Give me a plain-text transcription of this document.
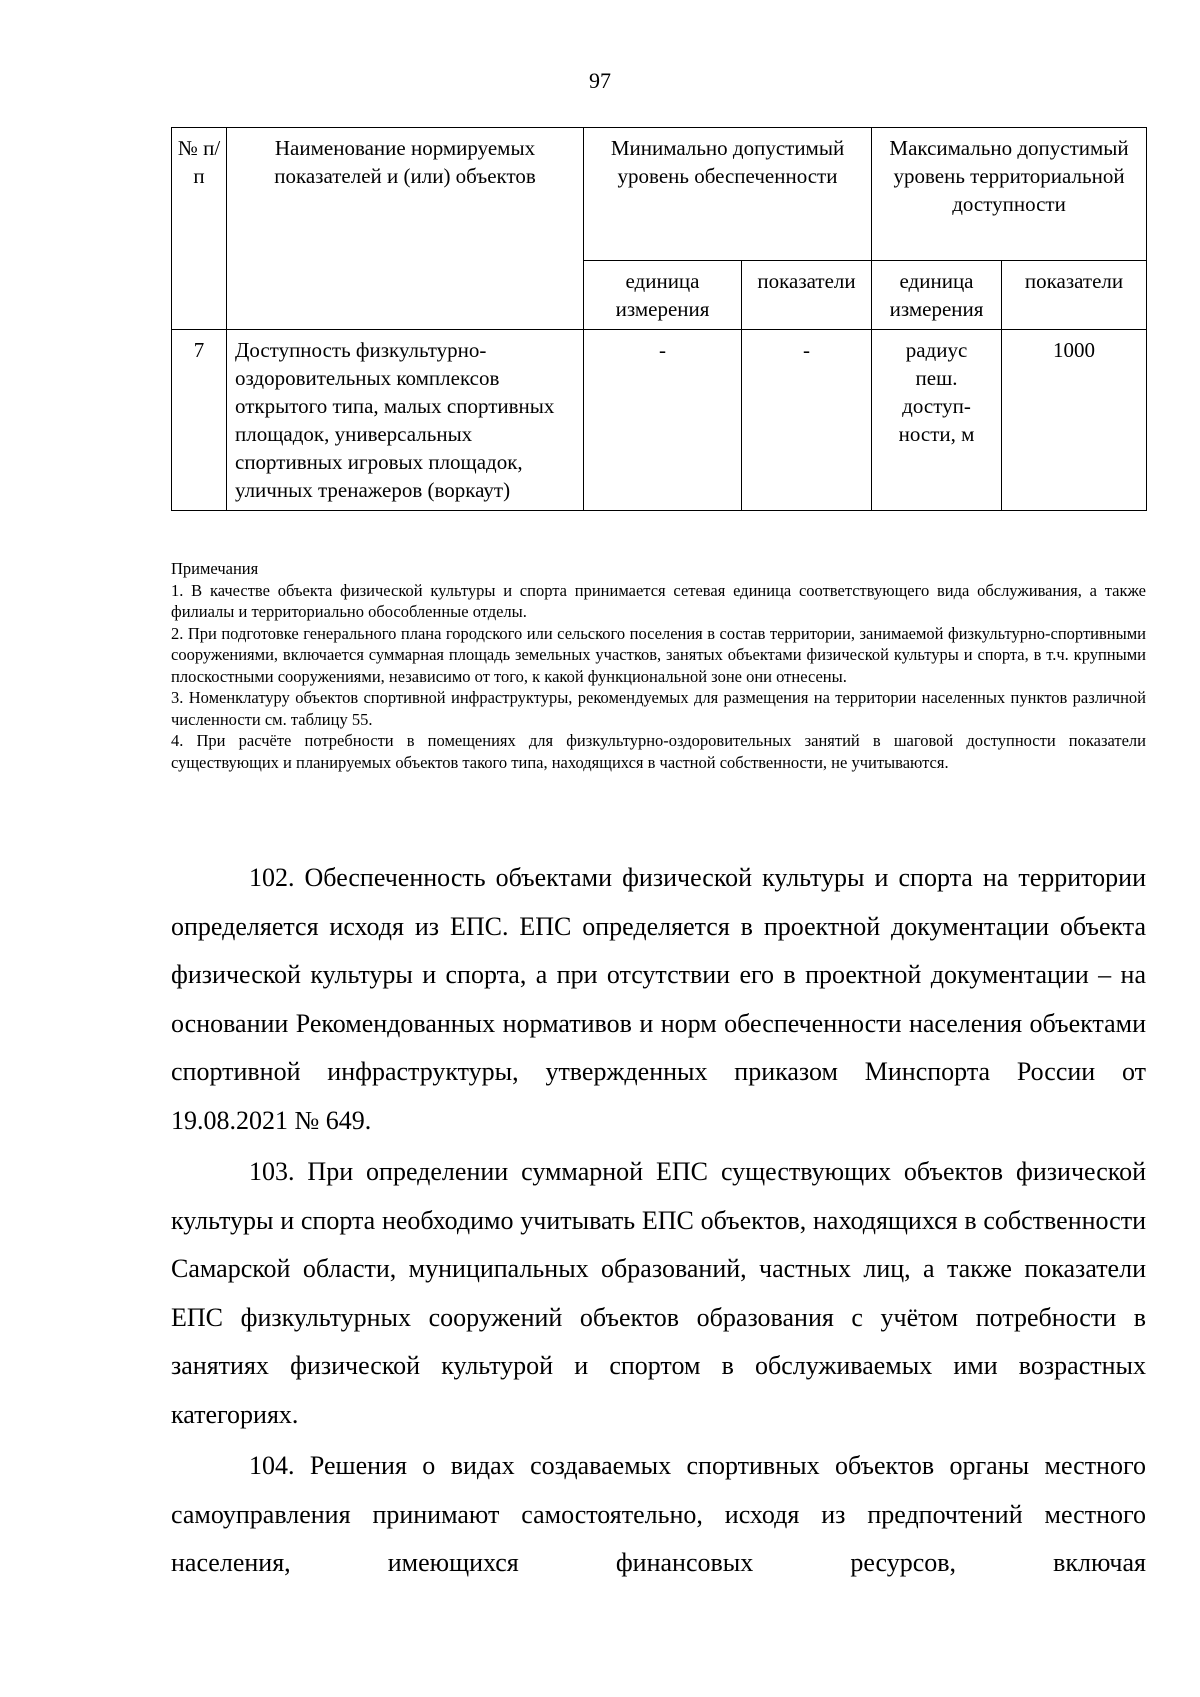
97
№ п/п	Наименование нормируемых показателей и (или) объектов	Минимально допустимый уровень обеспеченности		Максимально допустимый уровень территориальной доступности	
		единица измерения	показатели	единица измерения	показатели
7	Доступность физкультурно-оздоровительных комплексов открытого типа, малых спортивных площадок, универсальных спортивных игровых площадок, уличных тренажеров (воркаут)	-	-	радиус пеш. доступ-ности, м	1000

Примечания

1. В качестве объекта физической культуры и спорта принимается сетевая единица соответствующего вида обслуживания, а также филиалы и территориально обособленные отделы.

2. При подготовке генерального плана городского или сельского поселения в состав территории, занимаемой физкультурно-спортивными сооружениями, включается суммарная площадь земельных участков, занятых объектами физической культуры и спорта, в т.ч. крупными плоскостными сооружениями, независимо от того, к какой функциональной зоне они отнесены.

3. Номенклатуру объектов спортивной инфраструктуры, рекомендуемых для размещения на территории населенных пунктов различной численности см. таблицу 55.

4. При расчёте потребности в помещениях для физкультурно-оздоровительных занятий в шаговой доступности показатели существующих и планируемых объектов такого типа, находящихся в частной собственности, не учитываются.

102. Обеспеченность объектами физической культуры и спорта на территории определяется исходя из ЕПС. ЕПС определяется в проектной документации объекта физической культуры и спорта, а при отсутствии его в проектной документации – на основании Рекомендованных нормативов и норм обеспеченности населения объектами спортивной инфраструктуры, утвержденных приказом Минспорта России от 19.08.2021 № 649.

103. При определении суммарной ЕПС существующих объектов физической культуры и спорта необходимо учитывать ЕПС объектов, находящихся в собственности Самарской области, муниципальных образований, частных лиц, а также показатели ЕПС физкультурных сооружений объектов образования с учётом потребности в занятиях физической культурой и спортом в обслуживаемых ими возрастных категориях.

104. Решения о видах создаваемых спортивных объектов органы местного самоуправления принимают самостоятельно, исходя из предпочтений местного населения, имеющихся финансовых ресурсов, включая
